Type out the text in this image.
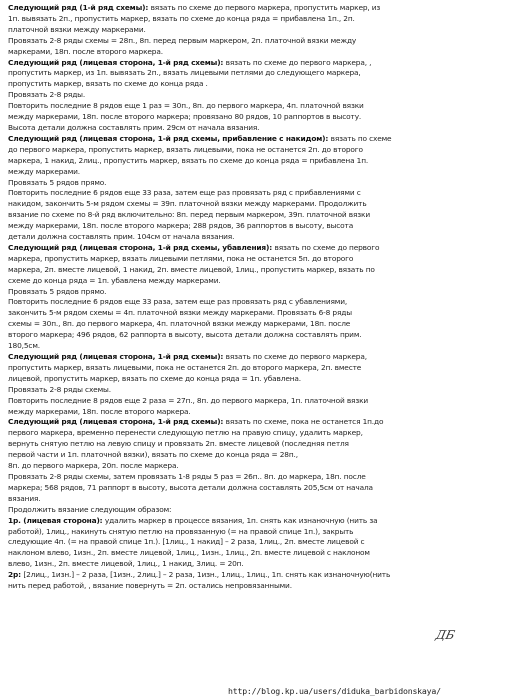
Следующий ряд (1-й ряд схемы): вязать по схеме до первого маркера, пропустить маркер, из

1п. вывязать 2п., пропустить маркер, вязать по схеме до конца ряда = прибавлена 1п., 2п.

платочной вязки между маркерами.

Провязать 2-8 ряды схемы = 28п., 8п. перед первым маркером, 2п. платочной вязки между

маркерами, 18п. после второго маркера.

Следующий ряд (лицевая сторона, 1-й ряд схемы): вязать по схеме до первого маркера, ,

пропустить маркер, из 1п. вывязать 2п., вязать лицевыми петлями до следующего маркера,

пропустить маркер, вязать по схеме до конца ряда .

Провязать 2-8 ряды.

Повторить последние 8 рядов еще 1 раз = 30п., 8п. до первого маркера, 4п. платочной вязки

между маркерами, 18п. после второго маркера; провязано 80 рядов, 10 раппортов в высоту.

Высота детали должна составлять прим. 29см от начала вязания.

Следующий ряд (лицевая сторона, 1-й ряд схемы, прибавление с накидом): вязать по схеме

до первого маркера, пропустить маркер, вязать лицевыми, пока не останется 2п. до второго

маркера, 1 накид, 2лиц., пропустить маркер, вязать по схеме до конца ряда = прибавлена 1п.

между маркерами.

Провязать 5 рядов прямо.

Повторить последние 6 рядов еще 33 раза, затем еще раз провязать ряд с прибавлениями с

накидом, закончить 5-м рядом схемы = 39п. платочной вязки между маркерами. Продолжить

вязание по схеме по 8-й ряд включительно: 8п. перед первым маркером, 39п. платочной вязки

между маркерами, 18п. после второго маркера; 288 рядов, 36 раппортов в высоту, высота

детали должна составлять прим. 104см от начала вязания.

Следующий ряд (лицевая сторона, 1-й ряд схемы, убавления): вязать по схеме до первого

маркера, пропустить маркер, вязать лицевыми петлями, пока не останется 5п. до второго

маркера, 2п. вместе лицевой, 1 накид, 2п. вместе лицевой, 1лиц., пропустить маркер, вязать по

схеме до конца ряда = 1п. убавлена между маркерами.

Провязать 5 рядов прямо.

Повторить последние 6 рядов еще 33 раза, затем еще раз провязать ряд с убавлениями,

закончить 5-м рядом схемы = 4п. платочной вязки между маркерами. Провязать 6-8 ряды

схемы = 30п., 8п. до первого маркера, 4п. платочной вязки между маркерами, 18п. после

второго маркера; 496 рядов, 62 раппорта в высоту, высота детали должна составлять прим.

180,5см.

Следующий ряд (лицевая сторона, 1-й ряд схемы): вязать по схеме до первого маркера,

пропустить маркер, вязать лицевыми, пока не останется 2п. до второго маркера, 2п. вместе

лицевой, пропустить маркер, вязать по схеме до конца ряда = 1п. убавлена.

Провязать 2-8 ряды схемы.

Повторить последние 8 рядов еще 2 раза = 27п., 8п. до первого маркера, 1п. платочной вязки

между маркерами, 18п. после второго маркера.

Следующий ряд (лицевая сторона, 1-й ряд схемы): вязать по схеме, пока не останется 1п.до

первого маркера, временно перенести следующую петлю на правую спицу, удалить маркер,

вернуть снятую петлю на левую спицу и провязать 2п. вместе лицевой (последняя петля

первой части и 1п. платочной вязки), вязать по схеме до конца ряда = 28п.,

8п. до первого маркера, 20п. после маркера.

Провязать 2-8 ряды схемы, затем провязать 1-8 ряды 5 раз = 26п.. 8п. до маркера, 18п. после

маркера; 568 рядов, 71 раппорт в высоту, высота детали должна составлять 205,5см от начала

вязания.

Продолжить вязание следующим образом:

1р. (лицевая сторона): удалить маркер в процессе вязания, 1п. снять как изнаночную (нить за

работой), 1лиц., накинуть снятую петлю на провязанную (= на правой спице 1п.), закрыть

следующие 4п. (= на правой спице 1п.). [1лиц., 1 накид] – 2 раза, 1лиц., 2п. вместе лицевой с

наклоном влево, 1изн., 2п. вместе лицевой, 1лиц., 1изн., 1лиц., 2п. вместе лицевой с наклоном

влево, 1изн., 2п. вместе лицевой, 1лиц., 1 накид, 3лиц. = 20п.

2р: [2лиц., 1изн.] – 2 раза, [1изн., 2лиц.] – 2 раза, 1изн., 1лиц., 1лиц., 1п. снять как изнаночную(нить

нить перед работой, , вязание повернуть = 2п. остались непровязанными.

ДБ
http://blog.kp.ua/users/diduka_barbidonskaya/
